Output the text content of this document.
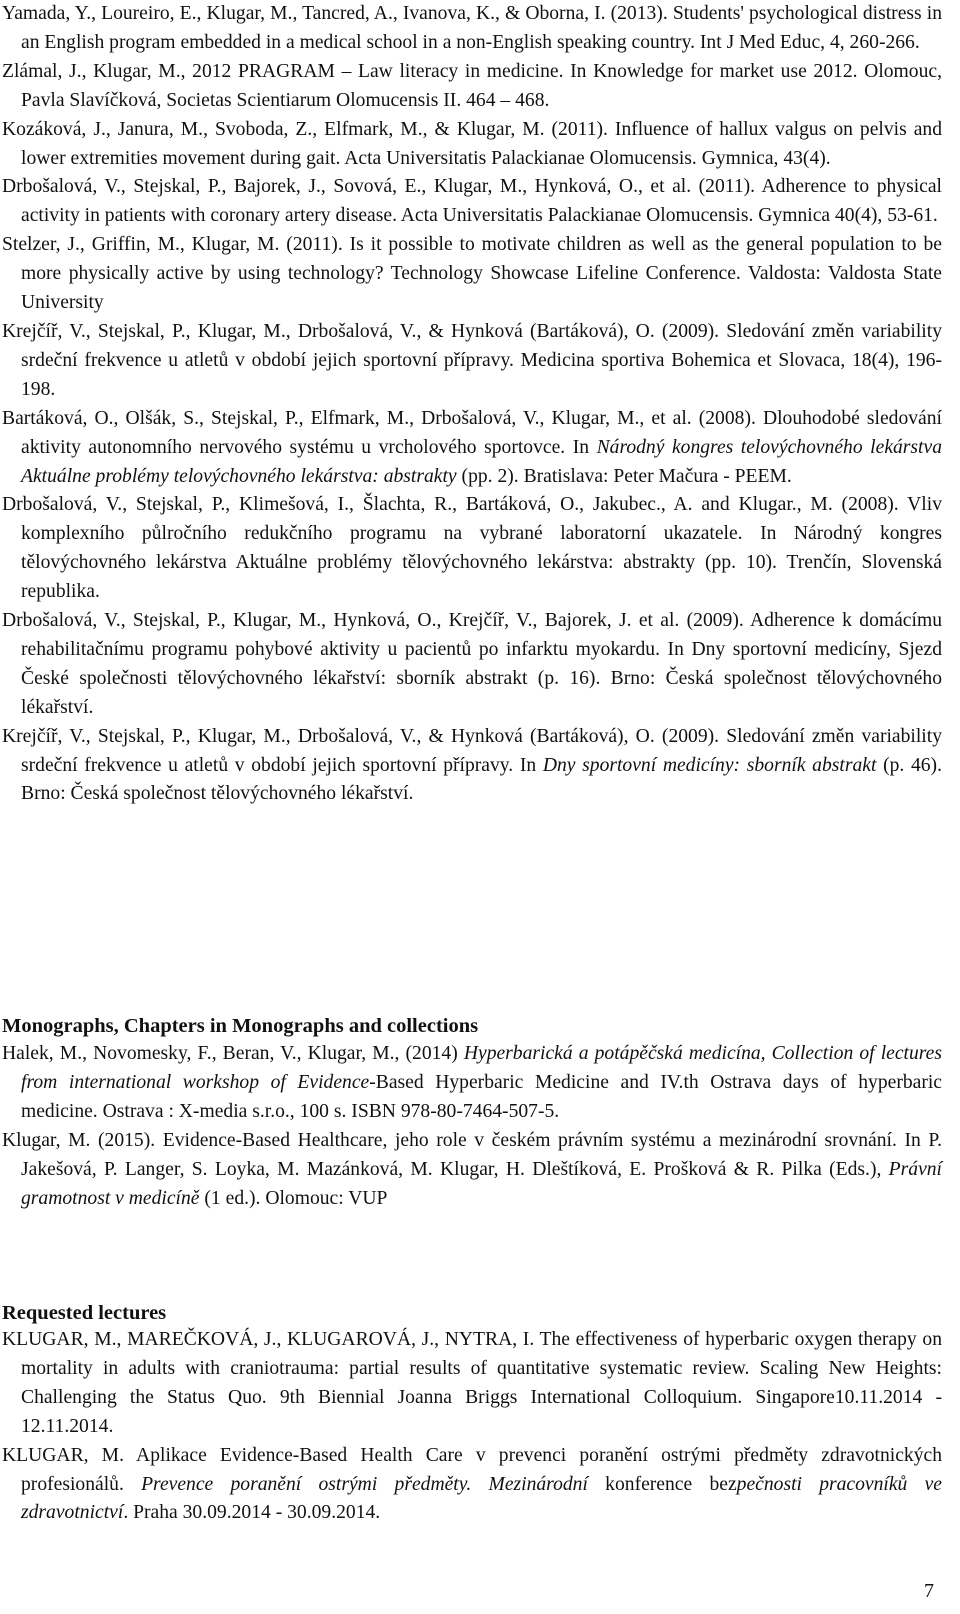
Yamada, Y., Loureiro, E., Klugar, M., Tancred, A., Ivanova, K., & Oborna, I. (2013). Students' psychological distress in an English program embedded in a medical school in a non-English speaking country. Int J Med Educ, 4, 260-266.

Zlámal, J., Klugar, M., 2012 PRAGRAM – Law literacy in medicine. In Knowledge for market use 2012. Olomouc, Pavla Slavíčková, Societas Scientiarum Olomucensis II. 464 – 468.

Kozáková, J., Janura, M., Svoboda, Z., Elfmark, M., & Klugar, M. (2011). Influence of hallux valgus on pelvis and lower extremities movement during gait. Acta Universitatis Palackianae Olomucensis. Gymnica, 43(4).

Drbošalová, V., Stejskal, P., Bajorek, J., Sovová, E., Klugar, M., Hynková, O., et al. (2011). Adherence to physical activity in patients with coronary artery disease. Acta Universitatis Palackianae Olomucensis. Gymnica 40(4), 53-61.

Stelzer, J., Griffin, M., Klugar, M. (2011). Is it possible to motivate children as well as the general population to be more physically active by using technology? Technology Showcase Lifeline Conference. Valdosta: Valdosta State University

Krejčíř, V., Stejskal, P., Klugar, M., Drbošalová, V., & Hynková (Bartáková), O. (2009). Sledování změn variability srdeční frekvence u atletů v období jejich sportovní přípravy. Medicina sportiva Bohemica et Slovaca, 18(4), 196-198.

Bartáková, O., Olšák, S., Stejskal, P., Elfmark, M., Drbošalová, V., Klugar, M., et al. (2008). Dlouhodobé sledování aktivity autonomního nervového systému u vrcholového sportovce. In Národný kongres telovýchovného lekárstva Aktuálne problémy telovýchovného lekárstva: abstrakty (pp. 2). Bratislava: Peter Mačura - PEEM.

Drbošalová, V., Stejskal, P., Klimešová, I., Šlachta, R., Bartáková, O., Jakubec., A. and Klugar., M. (2008). Vliv komplexního půlročního redukčního programu na vybrané laboratorní ukazatele. In Národný kongres tělovýchovného lekárstva Aktuálne problémy tělovýchovného lekárstva: abstrakty (pp. 10). Trenčín, Slovenská republika.

Drbošalová, V., Stejskal, P., Klugar, M., Hynková, O., Krejčíř, V., Bajorek, J. et al. (2009). Adherence k domácímu rehabilitačnímu programu pohybové aktivity u pacientů po infarktu myokardu. In Dny sportovní medicíny, Sjezd České společnosti tělovýchovného lékařství: sborník abstrakt (p. 16). Brno: Česká společnost tělovýchovného lékařství.

Krejčíř, V., Stejskal, P., Klugar, M., Drbošalová, V., & Hynková (Bartáková), O. (2009). Sledování změn variability srdeční frekvence u atletů v období jejich sportovní přípravy. In Dny sportovní medicíny: sborník abstrakt (p. 46). Brno: Česká společnost tělovýchovného lékařství.

Monographs, Chapters in Monographs and collections

Halek, M., Novomesky, F., Beran, V., Klugar, M., (2014) Hyperbarická a potápěčská medicína, Collection of lectures from international workshop of Evidence-Based Hyperbaric Medicine and IV.th Ostrava days of hyperbaric medicine. Ostrava : X-media s.r.o., 100 s. ISBN 978-80-7464-507-5.

Klugar, M. (2015). Evidence-Based Healthcare, jeho role v českém právním systému a mezinárodní srovnání. In P. Jakešová, P. Langer, S. Loyka, M. Mazánková, M. Klugar, H. Dleštíková, E. Prošková & R. Pilka (Eds.), Právní gramotnost v medicíně (1 ed.). Olomouc: VUP

Requested lectures

KLUGAR, M., MAREČKOVÁ, J., KLUGAROVÁ, J., NYTRA, I. The effectiveness of hyperbaric oxygen therapy on mortality in adults with craniotrauma: partial results of quantitative systematic review. Scaling New Heights: Challenging the Status Quo. 9th Biennial Joanna Briggs International Colloquium. Singapore10.11.2014 - 12.11.2014.

KLUGAR, M. Aplikace Evidence-Based Health Care v prevenci poranění ostrými předměty zdravotnických profesionálů. Prevence poranění ostrými předměty. Mezinárodní konference bezpečnosti pracovníků ve zdravotnictví. Praha 30.09.2014 - 30.09.2014.

7
